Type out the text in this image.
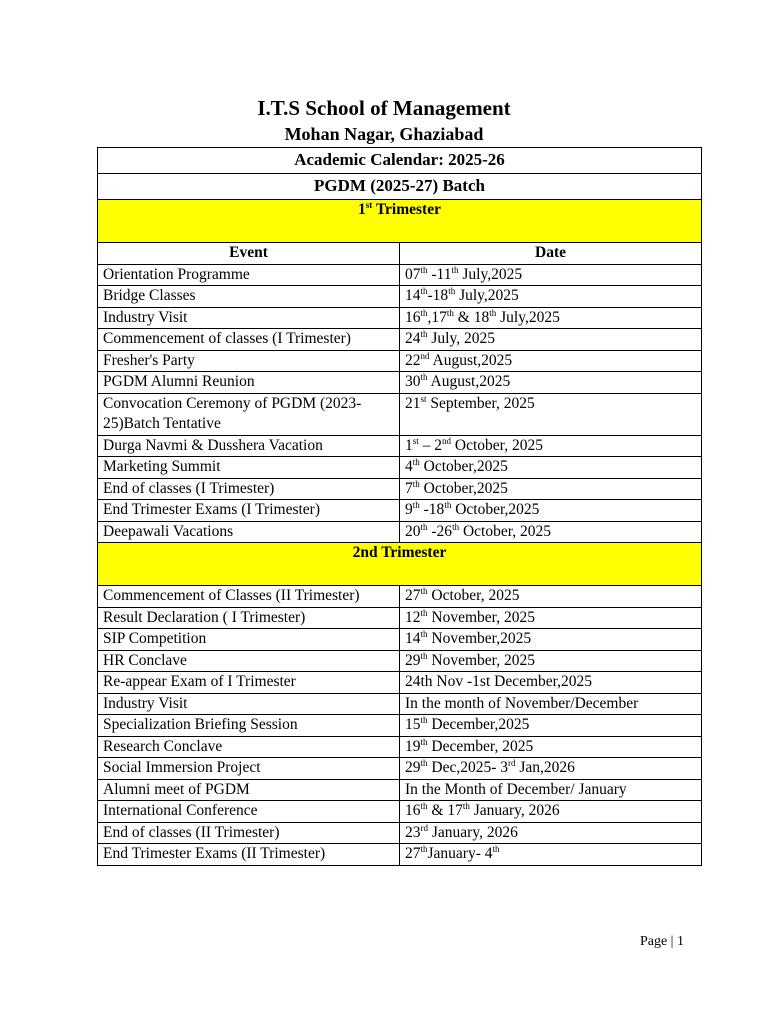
I.T.S School of Management
Mohan Nagar, Ghaziabad
Academic Calendar: 2025-26	
PGDM (2025-27) Batch	
1st Trimester	
Event	Date
Orientation Programme	07th -11th July,2025
Bridge Classes	14th-18th July,2025
Industry Visit	16th,17th & 18th July,2025
Commencement of classes (I Trimester)	24th July, 2025
Fresher's Party	22nd August,2025
PGDM Alumni Reunion	30th August,2025
Convocation Ceremony of PGDM (2023-25)Batch Tentative	21st September, 2025
Durga Navmi & Dusshera Vacation	1st – 2nd October, 2025
Marketing Summit	4th October,2025
End of classes (I Trimester)	7th October,2025
End Trimester Exams (I Trimester)	9th -18th October,2025
Deepawali Vacations	20th -26th October, 2025
2nd Trimester	
Commencement of Classes (II Trimester)	27th October, 2025
Result Declaration ( I Trimester)	12th November, 2025
SIP Competition	14th November,2025
HR Conclave	29th November, 2025
Re-appear Exam of I Trimester	24th Nov -1st December,2025
Industry Visit	In the month of November/December
Specialization Briefing Session	15th December,2025
Research Conclave	19th December, 2025
Social Immersion Project	29th Dec,2025- 3rd Jan,2026
Alumni meet of PGDM	In the Month of December/ January
International Conference	16th & 17th January, 2026
End of classes (II Trimester)	23rd January, 2026
End Trimester Exams (II Trimester)	27thJanuary- 4th
Page | 1
